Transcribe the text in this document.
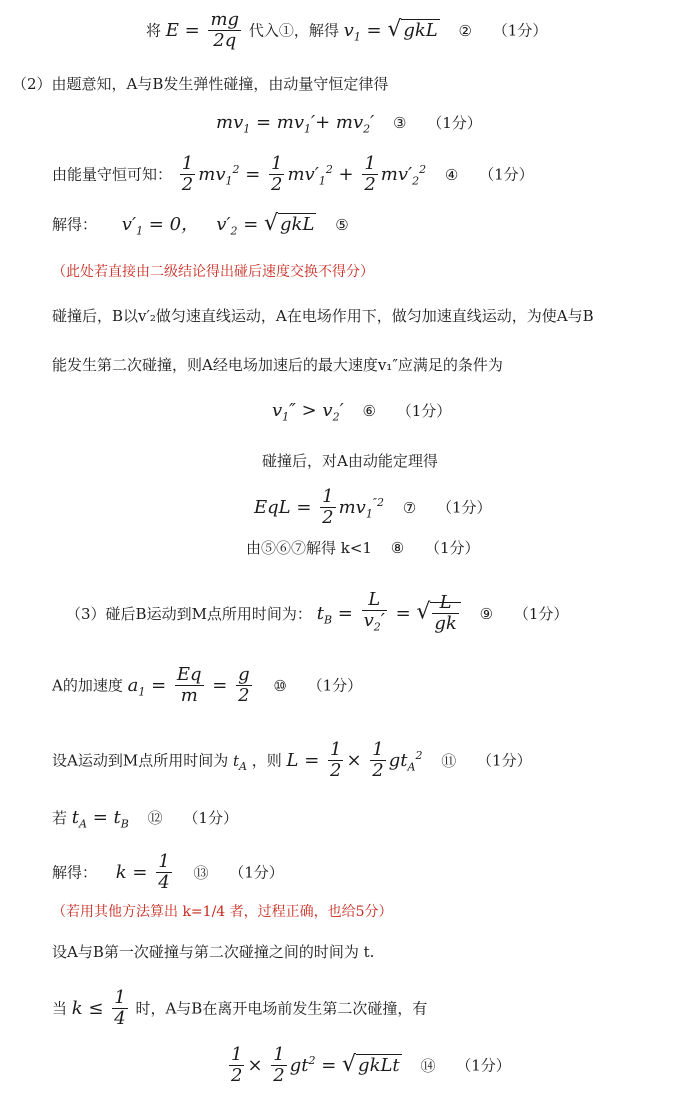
将 $E = \frac{mg}{2q}$ 代入①，解得 $v_1$ = √ gkL ② （1分）
（2）由题意知，A与B发生弹性碰撞，由动量守恒定律得
$mv_1 = mv_1'+ mv_2'$ ③ （1分）
由能量守恒可知： $\frac{1}{2} mv_1^2 = \frac{1}{2} mv'_1^2 + \frac{1}{2} mv'_2^2$ ④ （1分）
解得： $v'_1 = 0$，   $v'_2$ = √ gkL ⑤
（此处若直接由二级结论得出碰后速度交换不得分）
碰撞后，B以v′₂做匀速直线运动，A在电场作用下，做匀加速直线运动，为使A与B
能发生第二次碰撞，则A经电场加速后的最大速度v₁″应满足的条件为
$v_1'' > v_2'$ ⑥ （1分）
碰撞后，对A由动能定理得
EqL = $\frac{1}{2} mv_1^{''2}$ ⑦ （1分）
由⑤⑥⑦解得 k<1 ⑧ （1分）
（3）碰后B运动到M点所用时间为： $t_B = \frac{L}{v_2'}$ = √ $\frac{L}{gk}$ ⑨ （1分）
A的加速度 $a_1 = \frac{Eq}{m} = \frac{g}{2}$ ⑩ （1分）
设A运动到M点所用时间为 $t_A$ ，则 $L = \frac{1}{2} \times \frac{1}{2} gt_A^2$ ⑪ （1分）
若 $t_A = t_B$ ⑫ （1分）
解得： $k = \frac{1}{4}$ ⑬ （1分）
（若用其他方法算出 k=1/4 者，过程正确，也给5分）
设A与B第一次碰撞与第二次碰撞之间的时间为 t.
当 $k \le \frac{1}{4}$ 时，A与B在离开电场前发生第二次碰撞，有
$\frac{1}{2} \times \frac{1}{2} gt^2$ = √ gkLt ⑭ （1分）
